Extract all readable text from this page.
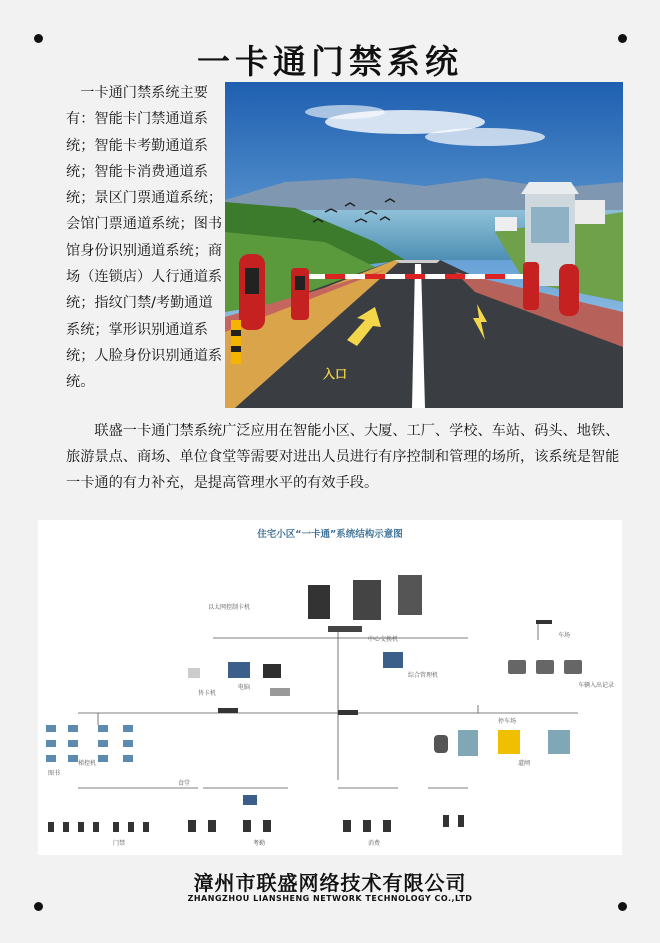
一卡通门禁系统
一卡通门禁系统主要有：智能卡门禁通道系统；智能卡考勤通道系统；智能卡消费通道系统；景区门票通道系统；会馆门票通道系统；图书馆身份识别通道系统；商场（连锁店）人行通道系统；指纹门禁/考勤通道系统；掌形识别通道系统；人脸身份识别通道系统。
入口
联盛一卡通门禁系统广泛应用在智能小区、大厦、工厂、学校、车站、码头、地铁、旅游景点、商场、单位食堂等需要对进出人员进行有序控制和管理的场所，该系统是智能一卡通的有力补充，是提高管理水平的有效手段。
住宅小区“一卡通”系统结构示意图
以太网控制卡机
中心交换机
综合管理机
车场
车辆入出记录
梯控机
售卡机
道闸
电脑
停车场
图书
食堂
门禁	考勤	消费
漳州市联盛网络技术有限公司
ZHANGZHOU LIANSHENG NETWORK TECHNOLOGY CO.,LTD
